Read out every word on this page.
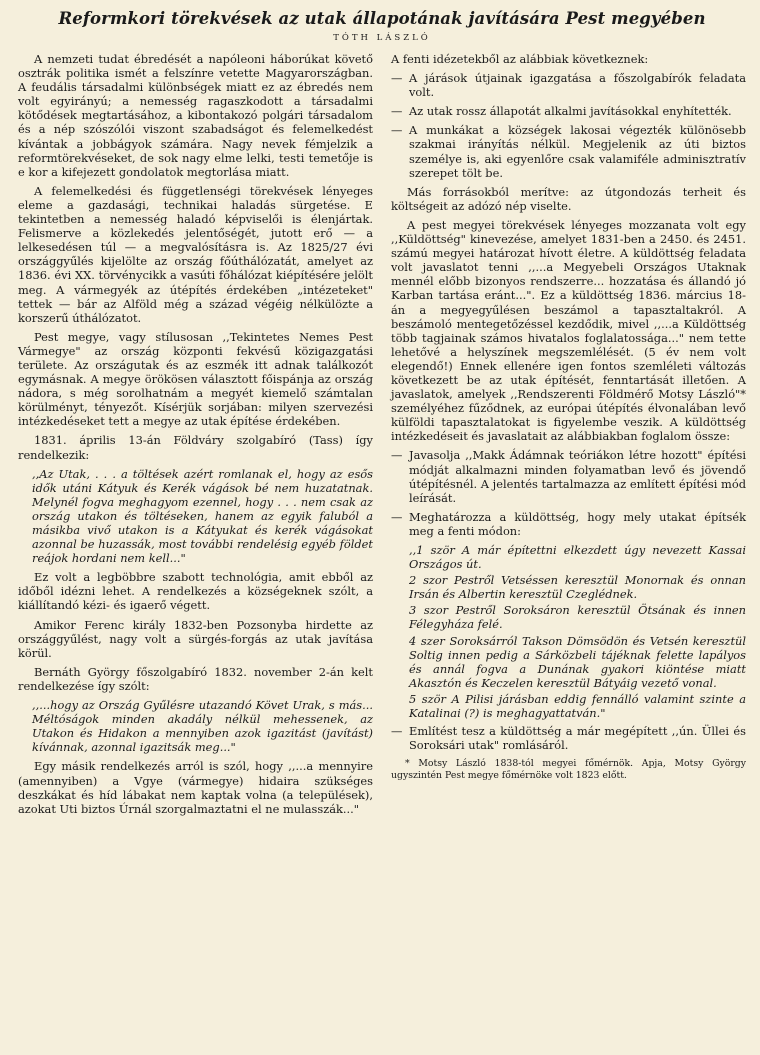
Reformkori törekvések az utak állapotának javítására Pest megyében
TÓTH LÁSZLÓ

A nemzeti tudat ébredését a napóleoni háborúkat követő osztrák politika ismét a felszínre vetette Magyarországban. A feudális társadalmi különbségek miatt ez az ébredés nem volt egyirányú; a nemesség ragaszkodott a társadalmi kötődések megtartásához, a kibontakozó polgári társadalom és a nép szószólói viszont szabadságot és felemelkedést kívántak a jobbágyok számára. Nagy nevek fémjelzik a reformtörekvéseket, de sok nagy elme lelki, testi temetője is e kor a kifejezett gondolatok megtorlása miatt.

A felemelkedési és függetlenségi törekvések lényeges eleme a gazdasági, technikai haladás sürgetése. E tekintetben a nemesség haladó képviselői is élenjártak. Felismerve a közlekedés jelentőségét, jutott erő — a lelkesedésen túl — a megvalósításra is. Az 1825/27 évi országgyűlés kijelölte az ország főúthálózatát, amelyet az 1836. évi XX. törvénycikk a vasúti főhálózat kiépítésére jelölt meg. A vármegyék az útépítés érdekében „intézeteket" tettek — bár az Alföld még a század végéig nélkülözte a korszerű úthálózatot.

Pest megye, vagy stílusosan ,,Tekintetes Nemes Pest Vármegye" az ország központi fekvésű közigazgatási területe. Az országutak és az eszmék itt adnak találkozót egymásnak. A megye örökösen választott főispánja az ország nádora, s még sorolhatnám a megyét kiemelő számtalan körülményt, tényezőt. Kísérjük sorjában: milyen szervezési intézkedéseket tett a megye az utak építése érdekében.

1831. április 13-án Földváry szolgabíró (Tass) így rendelkezik:

,,Az Utak, . . . a töltések azért romlanak el, hogy az esős idők utáni Kátyuk és Kerék vágások bé nem huzatatnak. Melynél fogva meghagyom ezennel, hogy . . . nem csak az ország utakon és töltéseken, hanem az egyik faluból a másikba vivő utakon is a Kátyukat és kerék vágásokat azonnal be huzassák, most további rendelésig egyéb földet reájok hordani nem kell..."

Ez volt a legböbbre szabott technológia, amit ebből az időből idézni lehet. A rendelkezés a községeknek szólt, a kiállítandó kézi- és igaerő végett.

Amikor Ferenc király 1832-ben Pozsonyba hirdette az országgyűlést, nagy volt a sürgés-forgás az utak javítása körül.

Bernáth György főszolgabíró 1832. november 2-án kelt rendelkezése így szólt:

,,...hogy az Ország Gyűlésre utazandó Követ Urak, s más... Méltóságok minden akadály nélkül mehessenek, az Utakon és Hidakon a mennyiben azok igazitást (javítást) kívánnak, azonnal igazitsák meg..."

Egy másik rendelkezés arról is szól, hogy ,,...a mennyire (amennyiben) a Vgye (vármegye) hidaira szükséges deszkákat és híd lábakat nem kaptak volna (a települések), azokat Uti biztos Úrnál szorgalmaztatni el ne mulasszák..."

A fenti idézetekből az alábbiak következnek:

— A járások útjainak igazgatása a főszolgabírók feladata volt.
— Az utak rossz állapotát alkalmi javításokkal enyhítették.
— A munkákat a községek lakosai végezték különösebb szakmai irányítás nélkül. Megjelenik az úti biztos személye is, aki egyenlőre csak valamiféle adminisztratív szerepet tölt be.

Más forrásokból merítve: az útgondozás terheit és költségeit az adózó nép viselte.

A pest megyei törekvések lényeges mozzanata volt egy ,,Küldöttség" kinevezése, amelyet 1831-ben a 2450. és 2451. számú megyei határozat hívott életre. A küldöttség feladata volt javaslatot tenni ,,...a Megyebeli Országos Utaknak mennél előbb bizonyos rendszerre... hozzatása és állandó jó Karban tartása eránt...". Ez a küldöttség 1836. március 18-án a megyegyűlésen beszámol a tapasztaltakról. A beszámoló mentegetőzéssel kezdődik, mivel ,,...a Küldöttség több tagjainak számos hivatalos foglalatossága..." nem tette lehetővé a helyszínek megszemlélését. (5 év nem volt elegendő!) Ennek ellenére igen fontos szemléleti változás következett be az utak építését, fenntartását illetően. A javaslatok, amelyek ,,Rendszerenti Földmérő Motsy László"* személyéhez fűződnek, az európai útépítés élvonalában levő külföldi tapasztalatokat is figyelembe veszik. A küldöttség intézkedéseit és javaslatait az alábbiakban foglalom össze:

— Javasolja ,,Makk Ádámnak teóriákon létre hozott" építési módját alkalmazni minden folyamatban levő és jövendő útépítésnél. A jelentés tartalmazza az említett építési mód leírását.
— Meghatározza a küldöttség, hogy mely utakat építsék meg a fenti módon:
,,1 ször A már építettni elkezdett úgy nevezett Kassai Országos út.
2 szor Pestről Vetséssen keresztül Monornak és onnan Irsán és Albertin keresztül Czeglédnek.
3 szor Pestről Soroksáron keresztül Ötsának és innen Félegyháza felé.
4 szer Soroksárról Takson Dömsödön és Vetsén keresztül Soltig innen pedig a Sárközbeli tájéknak felette lapályos és annál fogva a Dunának gyakori kiöntése miatt Akasztón és Keczelen keresztül Bátyáig vezető vonal.
5 ször A Pilisi járásban eddig fennálló valamint szinte a Katalinai (?) is meghagyattatván."
— Említést tesz a küldöttség a már megépített ,,ún. Üllei és Soroksári utak" romlásáról.
* Motsy László 1838-tól megyei főmérnök. Apja, Motsy György ugyszintén Pest megye főmérnöke volt 1823 előtt.
